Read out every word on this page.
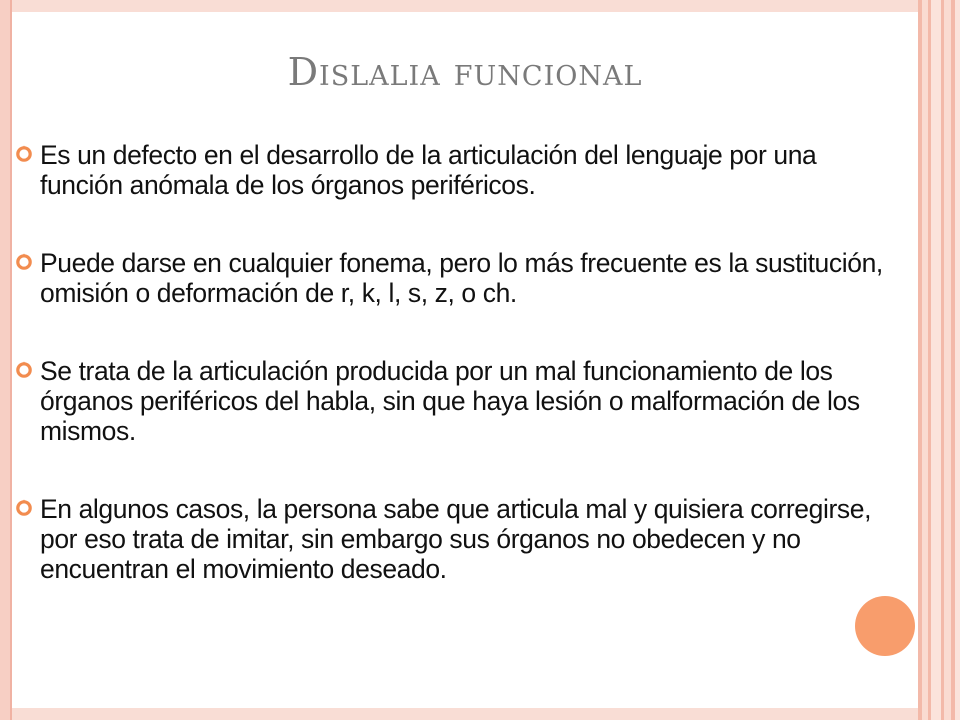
Dislalia funcional
Es un defecto en el desarrollo de la articulación del lenguaje por una función anómala de los órganos periféricos.
Puede darse en cualquier fonema, pero lo más frecuente es la sustitución, omisión o deformación de r, k, l, s, z, o ch.
Se trata de la articulación producida por un mal funcionamiento de los órganos periféricos del habla, sin que haya lesión o malformación de los mismos.
En algunos casos, la persona sabe que articula mal y quisiera corregirse, por eso trata de imitar, sin embargo sus órganos no obedecen y no encuentran el movimiento deseado.
